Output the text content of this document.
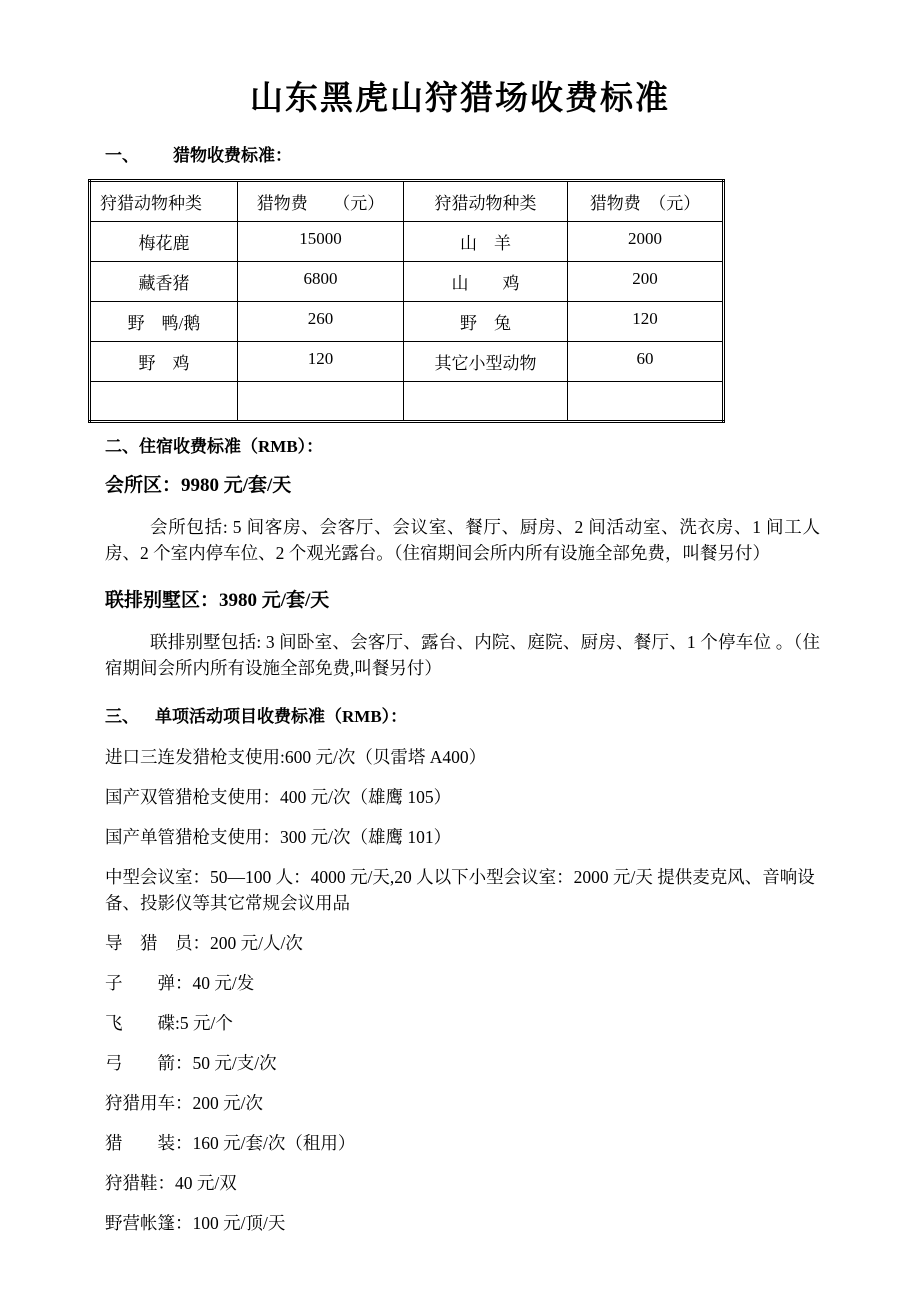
山东黑虎山狩猎场收费标准

一、 猎物收费标准：

狩猎动物种类	猎物费　　（元）	狩猎动物种类	猎物费　（元）
梅花鹿	15000	山　羊	2000
藏香猪	6800	山　　鸡	200
野　鸭/鹅	260	野　兔	120
野　鸡	120	其它小型动物	60

二、住宿收费标准（RMB）：

会所区：9980 元/套/天

会所包括: 5 间客房、会客厅、会议室、餐厅、厨房、2 间活动室、洗衣房、1 间工人房、2 个室内停车位、2 个观光露台。（住宿期间会所内所有设施全部免费，叫餐另付）

联排别墅区：3980 元/套/天

联排别墅包括: 3 间卧室、会客厅、露台、内院、庭院、厨房、餐厅、1 个停车位 。（住宿期间会所内所有设施全部免费,叫餐另付）

三、 单项活动项目收费标准（RMB）：

进口三连发猎枪支使用:600 元/次（贝雷塔 A400）

国产双管猎枪支使用：400 元/次（雄鹰 105）

国产单管猎枪支使用：300 元/次（雄鹰 101）

中型会议室：50—100 人：4000 元/天,20 人以下小型会议室：2000 元/天 提供麦克风、音响设备、投影仪等其它常规会议用品

导　猎　员：200 元/人/次

子　　弹：40 元/发

飞　　碟:5 元/个

弓　　箭：50 元/支/次

狩猎用车：200 元/次

猎　　装：160 元/套/次（租用）

狩猎鞋：40 元/双

野营帐篷：100 元/顶/天
